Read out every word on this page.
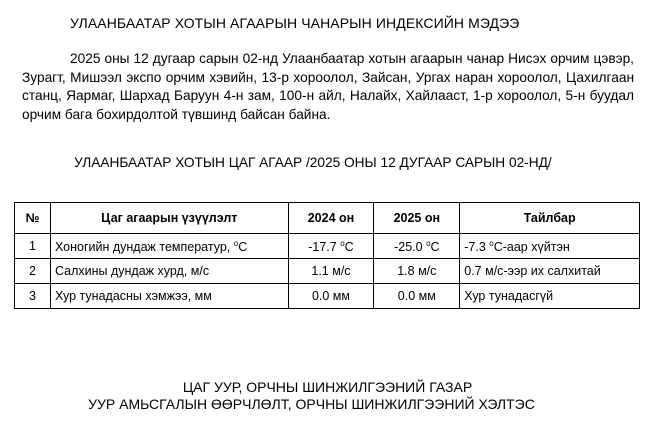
УЛААНБААТАР ХОТЫН АГААРЫН ЧАНАРЫН ИНДЕКСИЙН МЭДЭЭ
2025 оны 12 дугаар сарын 02-нд Улаанбаатар хотын агаарын чанар Нисэх орчим цэвэр, Зурагт, Мишээл экспо орчим хэвийн, 13-р хороолол, Зайсан, Ургах наран хороолол, Цахилгаан станц, Яармаг, Шархад Баруун 4-н зам, 100-н айл, Налайх, Хайлааст, 1-р хороолол, 5-н буудал орчим бага бохирдолтой түвшинд байсан байна.
УЛААНБААТАР ХОТЫН ЦАГ АГААР /2025 ОНЫ 12 ДУГААР САРЫН 02-НД/
№	Цаг агаарын үзүүлэлт	2024 он	2025 он	Тайлбар
1	Хоногийн дундаж температур, $^о$С	-17.7 $^о$С	-25.0 $^о$С	-7.3 $^о$С-аар хүйтэн
2	Салхины дундаж хурд, м/с	1.1 м/с	1.8 м/с	0.7 м/с-ээр их салхитай
3	Хур тунадасны хэмжээ, мм	0.0 мм	0.0 мм	Хур тунадасгүй
ЦАГ УУР, ОРЧНЫ ШИНЖИЛГЭЭНИЙ ГАЗАР
УУР АМЬСГАЛЫН ӨӨРЧЛӨЛТ, ОРЧНЫ ШИНЖИЛГЭЭНИЙ ХЭЛТЭС
